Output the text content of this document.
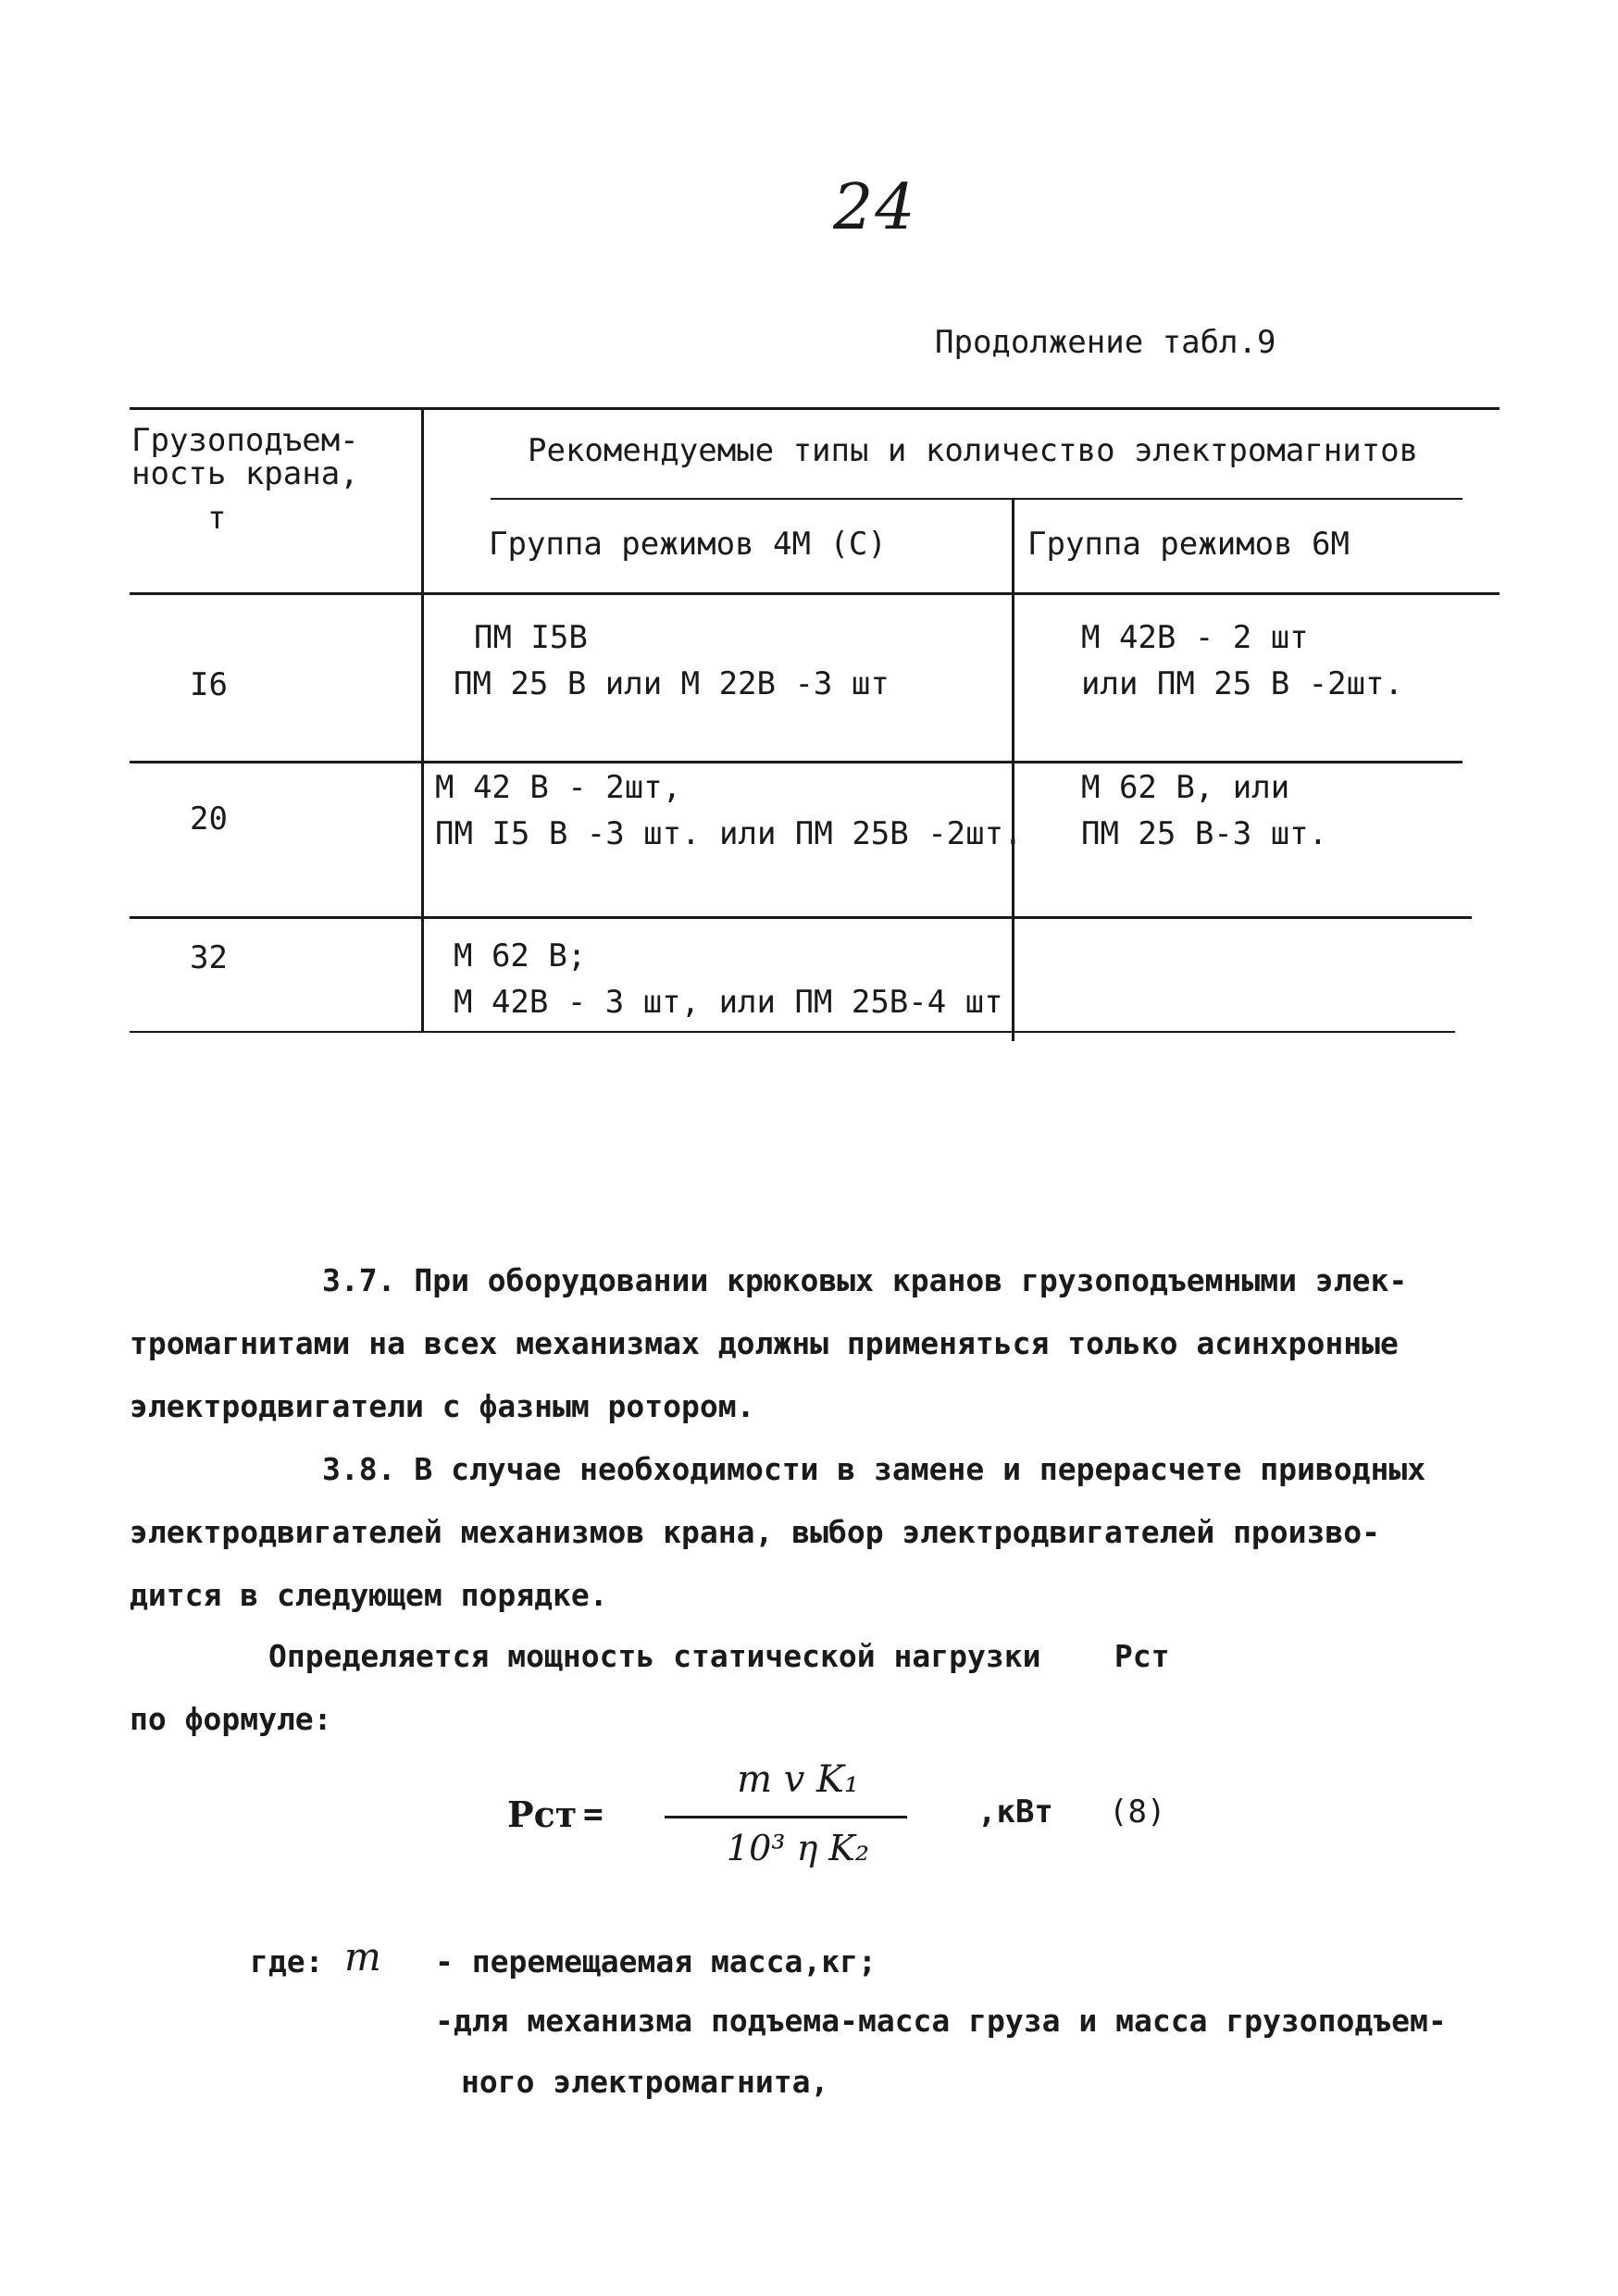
24
Продолжение табл.9
Грузоподъем-
ность крана,
т
Рекомендуемые типы и количество электромагнитов
Группа режимов 4М (С)	Группа режимов 6М
I6
ПМ I5В
ПМ 25 В или М 22В -3 шт
М 42В - 2 шт
или ПМ 25 В -2шт.
20
М 42 В - 2шт,
ПМ I5 В -3 шт. или ПМ 25В -2шт.
М 62 В, или
ПМ 25 В-3 шт.
32	М 62 В;
М 42В - 3 шт, или ПМ 25В-4 шт
3.7. При оборудовании крюковых кранов грузоподъемными элек-
тромагнитами на всех механизмах должны применяться только асинхронные
электродвигатели с фазным ротором.
3.8. В случае необходимости в замене и перерасчете приводных
электродвигателей механизмов крана, выбор электродвигателей произво-
дится в следующем порядке.
Определяется мощность статической нагрузки    Рст
по формуле:
Рст =
m v K₁
10³ η K₂
,кВт (8)
где: m - перемещаемая масса,кг;
-для механизма подъема-масса груза и масса грузоподъем-
ного электромагнита,
